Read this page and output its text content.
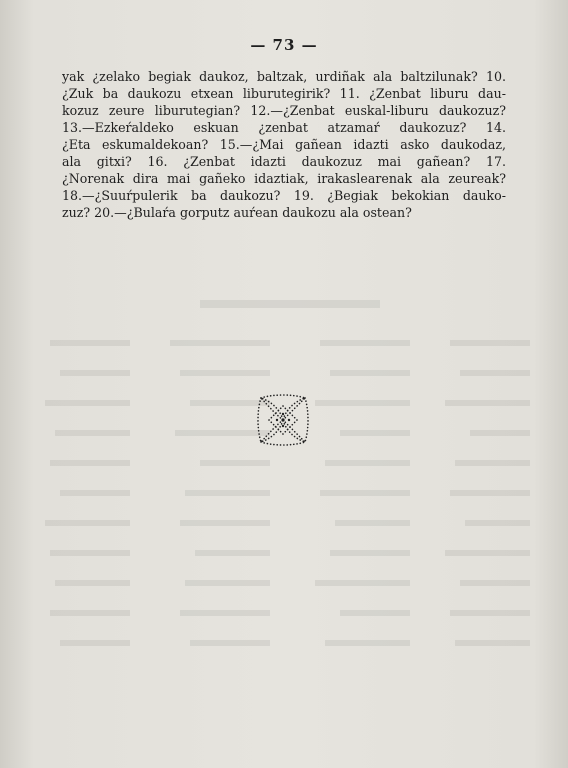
— 73 —
yak ¿zelako begiak daukoz, baltzak, urdiñak ala baltzilunak? 10.
¿Zuk ba daukozu etxean liburutegirik? 11. ¿Zenbat liburu dau-
kozuz zeure liburutegian? 12.—¿Zenbat euskal-liburu daukozuz?
13.—Ezkeŕaldeko eskuan ¿zenbat atzamaŕ daukozuz? 14.
¿Eta eskumaldekoan? 15.—¿Mai gañean idazti asko daukodaz,
ala gitxi? 16. ¿Zenbat idazti daukozuz mai gañean? 17.
¿Norenak dira mai gañeko idaztiak, irakaslearenak ala zeureak?
18.—¿Suuŕpulerik ba daukozu? 19. ¿Begiak bekokian dauko-
zuz? 20.—¿Bulaŕa gorputz auŕean daukozu ala ostean?
